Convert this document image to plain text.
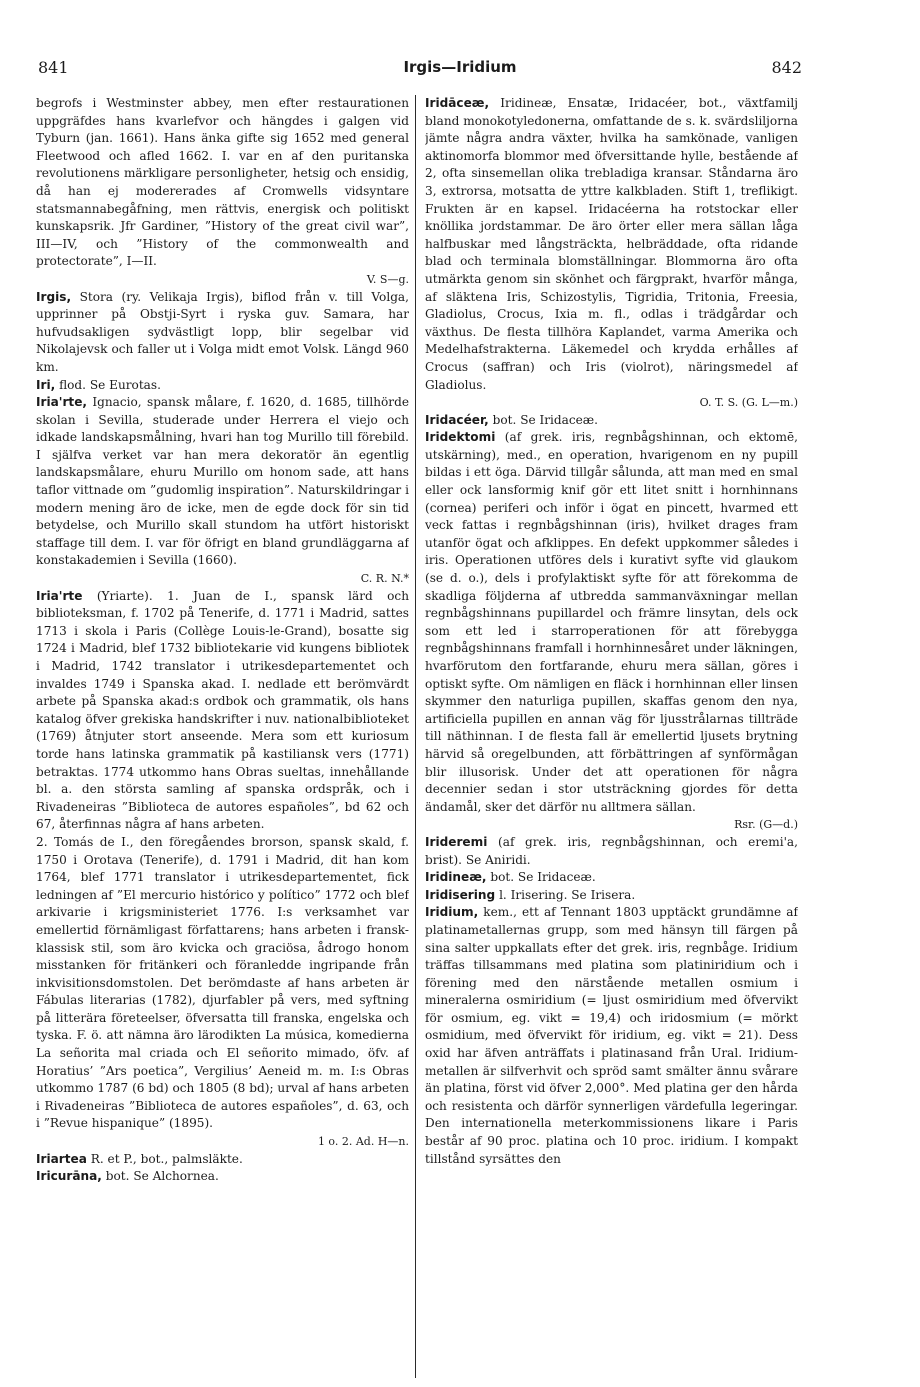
841	Irgis—Iridium	842

begrofs i Westminster abbey, men efter restaurationen uppgräfdes hans kvarlefvor och hängdes i galgen vid Tyburn (jan. 1661). Hans änka gifte sig 1652 med general Fleetwood och afled 1662. I. var en af den puritanska revolutionens märkligare personligheter, hetsig och ensidig, då han ej modererades af Cromwells vidsyntare statsmannabegåfning, men rättvis, energisk och politiskt kunskapsrik. Jfr Gardiner, ”History of the great civil war”, III—IV, och ”History of the commonwealth and protectorate”, I—II.
V. S—g.

Irgis, Stora (ry. Velikaja Irgis), biflod från v. till Volga, upprinner på Obstji-Syrt i ryska guv. Samara, har hufvudsakligen sydvästligt lopp, blir segelbar vid Nikolajevsk och faller ut i Volga midt emot Volsk. Längd 960 km.

Iri, flod. Se Eurotas.

Iria'rte, Ignacio, spansk målare, f. 1620, d. 1685, tillhörde skolan i Sevilla, studerade under Herrera el viejo och idkade landskapsmålning, hvari han tog Murillo till förebild. I själfva verket var han mera dekoratör än egentlig landskapsmålare, ehuru Murillo om honom sade, att hans taflor vittnade om ”gudomlig inspiration”. Naturskildringar i modern mening äro de icke, men de egde dock för sin tid betydelse, och Murillo skall stundom ha utfört historiskt staffage till dem. I. var för öfrigt en bland grundläggarna af konstakademien i Sevilla (1660).
C. R. N.*

Iria'rte (Yriarte). 1. Juan de I., spansk lärd och biblioteksman, f. 1702 på Tenerife, d. 1771 i Madrid, sattes 1713 i skola i Paris (Collège Louis-le-Grand), bosatte sig 1724 i Madrid, blef 1732 bibliotekarie vid kungens bibliotek i Madrid, 1742 translator i utrikesdepartementet och invaldes 1749 i Spanska akad. I. nedlade ett berömvärdt arbete på Spanska akad:s ordbok och grammatik, ols hans katalog öfver grekiska handskrifter i nuv. nationalbiblioteket (1769) åtnjuter stort anseende. Mera som ett kuriosum torde hans latinska grammatik på kastiliansk vers (1771) betraktas. 1774 utkommo hans Obras sueltas, innehållande bl. a. den största samling af spanska ordspråk, och i Rivadeneiras ”Biblioteca de autores españoles”, bd 62 och 67, återfinnas några af hans arbeten.

2. Tomás de I., den föregåendes brorson, spansk skald, f. 1750 i Orotava (Tenerife), d. 1791 i Madrid, dit han kom 1764, blef 1771 translator i utrikesdepartementet, fick ledningen af ”El mercurio histórico y político” 1772 och blef arkivarie i krigsministeriet 1776. I:s verksamhet var emellertid förnämligast författarens; hans arbeten i fransk-klassisk stil, som äro kvicka och graciösa, ådrogo honom misstanken för fritänkeri och föranledde ingripande från inkvisitionsdomstolen. Det berömdaste af hans arbeten är Fábulas literarias (1782), djurfabler på vers, med syftning på litterära företeelser, öfversatta till franska, engelska och tyska. F. ö. att nämna äro lärodikten La música, komedierna La señorita mal criada och El señorito mimado, öfv. af Horatius’ ”Ars poetica”, Vergilius’ Aeneid m. m. I:s Obras utkommo 1787 (6 bd) och 1805 (8 bd); urval af hans arbeten i Rivadeneiras ”Biblioteca de autores españoles”, d. 63, och i ”Revue hispanique” (1895).
1 o. 2. Ad. H—n.

Iriartea R. et P., bot., palmsläkte.

Iricurāna, bot. Se Alchornea.

Iridāceæ, Iridineæ, Ensatæ, Iridacéer, bot., växtfamilj bland monokotyledonerna, omfattande de s. k. svärdsliljorna jämte några andra växter, hvilka ha samkönade, vanligen aktinomorfa blommor med öfversittande hylle, bestående af 2, ofta sinsemellan olika trebladiga kransar. Ståndarna äro 3, extrorsa, motsatta de yttre kalkbladen. Stift 1, treflikigt. Frukten är en kapsel. Iridacéerna ha rotstockar eller knöllika jordstammar. De äro örter eller mera sällan låga halfbuskar med långsträckta, helbräddade, ofta ridande blad och terminala blomställningar. Blommorna äro ofta utmärkta genom sin skönhet och färgprakt, hvarför många, af släktena Iris, Schizostylis, Tigridia, Tritonia, Freesia, Gladiolus, Crocus, Ixia m. fl., odlas i trädgårdar och växthus. De flesta tillhöra Kaplandet, varma Amerika och Medelhafstrakterna. Läkemedel och krydda erhålles af Crocus (saffran) och Iris (violrot), näringsmedel af Gladiolus.
O. T. S. (G. L—m.)

Iridacéer, bot. Se Iridaceæ.

Iridektomi (af grek. iris, regnbågshinnan, och ektomē, utskärning), med., en operation, hvarigenom en ny pupill bildas i ett öga. Därvid tillgår sålunda, att man med en smal eller ock lansformig knif gör ett litet snitt i hornhinnans (cornea) periferi och inför i ögat en pincett, hvarmed ett veck fattas i regnbågshinnan (iris), hvilket drages fram utanför ögat och afklippes. En defekt uppkommer således i iris. Operationen utföres dels i kurativt syfte vid glaukom (se d. o.), dels i profylaktiskt syfte för att förekomma de skadliga följderna af utbredda sammanväxningar mellan regnbågshinnans pupillardel och främre linsytan, dels ock som ett led i starroperationen för att förebygga regnbågshinnans framfall i hornhinnesåret under läkningen, hvarförutom den fortfarande, ehuru mera sällan, göres i optiskt syfte. Om nämligen en fläck i hornhinnan eller linsen skymmer den naturliga pupillen, skaffas genom den nya, artificiella pupillen en annan väg för ljusstrålarnas tillträde till näthinnan. I de flesta fall är emellertid ljusets brytning härvid så oregelbunden, att förbättringen af synförmågan blir illusorisk. Under det att operationen för några decennier sedan i stor utsträckning gjordes för detta ändamål, sker det därför nu alltmera sällan.
Rsr. (G—d.)

Irideremi (af grek. iris, regnbågshinnan, och eremi'a, brist). Se Aniridi.

Iridineæ, bot. Se Iridaceæ.

Iridisering l. Irisering. Se Irisera.

Iridium, kem., ett af Tennant 1803 upptäckt grundämne af platinametallernas grupp, som med hänsyn till färgen på sina salter uppkallats efter det grek. iris, regnbåge. Iridium träffas tillsammans med platina som platiniridium och i förening med den närstående metallen osmium i mineralerna osmiridium (= ljust osmiridium med öfvervikt för osmium, eg. vikt = 19,4) och iridosmium (= mörkt osmidium, med öfvervikt för iridium, eg. vikt = 21). Dess oxid har äfven anträffats i platinasand från Ural. Iridium-metallen är silfverhvit och spröd samt smälter ännu svårare än platina, först vid öfver 2,000°. Med platina ger den hårda och resistenta och därför synnerligen värdefulla legeringar. Den internationella meterkommissionens likare i Paris består af 90 proc. platina och 10 proc. iridium. I kompakt tillstånd syrsättes den
